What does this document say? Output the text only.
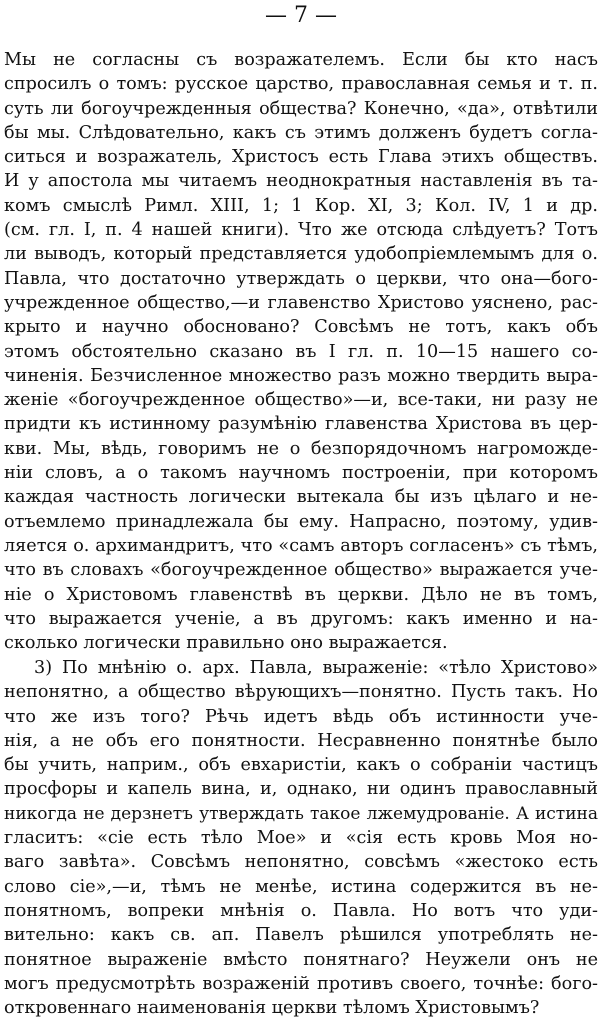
— 7 —
Мы не согласны съ возражателемъ. Если бы кто насъ
спросилъ о томъ: русское царство, православная семья и т. п.
суть ли богоучрежденныя общества? Конечно, «да», отвѣтили
бы мы. Слѣдовательно, какъ съ этимъ долженъ будетъ согла-
ситься и возражатель, Христосъ есть Глава этихъ обществъ.
И у апостола мы читаемъ неоднократныя наставленія въ та-
комъ смыслѣ Римл. XIII, 1; 1 Кор. XI, 3; Кол. IV, 1 и др.
(см. гл. I, п. 4 нашей книги). Что же отсюда слѣдуетъ? Тотъ
ли выводъ, который представляется удобопріемлемымъ для о.
Павла, что достаточно утверждать о церкви, что она—бого-
учрежденное общество,—и главенство Христово уяснено, рас-
крыто и научно обосновано? Совсѣмъ не тотъ, какъ объ
этомъ обстоятельно сказано въ I гл. п. 10—15 нашего со-
чиненія. Безчисленное множество разъ можно твердить выра-
женіе «богоучрежденное общество»—и, все-таки, ни разу не
придти къ истинному разумѣнію главенства Христова въ цер-
кви. Мы, вѣдь, говоримъ не о безпорядочномъ нагроможде-
ніи словъ, а о такомъ научномъ построеніи, при которомъ
каждая частность логически вытекала бы изъ цѣлаго и не-
отъемлемо принадлежала бы ему. Напрасно, поэтому, удив-
ляется о. архимандритъ, что «самъ авторъ согласенъ» съ тѣмъ,
что въ словахъ «богоучрежденное общество» выражается уче-
ніе о Христовомъ главенствѣ въ церкви. Дѣло не въ томъ,
что выражается ученіе, а въ другомъ: какъ именно и на-
сколько логически правильно оно выражается.
3) По мнѣнію о. арх. Павла, выраженіе: «тѣло Христово»
непонятно, а общество вѣрующихъ—понятно. Пусть такъ. Но
что же изъ того? Рѣчь идетъ вѣдь объ истинности уче-
нія, а не объ его понятности. Несравненно понятнѣе было
бы учить, наприм., объ евхаристіи, какъ о собраніи частицъ
просфоры и капель вина, и, однако, ни одинъ православный
никогда не дерзнетъ утверждать такое лжемудрованіе. А истина
гласитъ: «сіе есть тѣло Мое» и «сія есть кровь Моя но-
ваго завѣта». Совсѣмъ непонятно, совсѣмъ «жестоко есть
слово сіе»,—и, тѣмъ не менѣе, истина содержится въ не-
понятномъ, вопреки мнѣнія о. Павла. Но вотъ что уди-
вительно: какъ св. ап. Павелъ рѣшился употреблять не-
понятное выраженіе вмѣсто понятнаго? Неужели онъ не
могъ предусмотрѣть возраженій противъ своего, точнѣе: бого-
откровеннаго наименованія церкви тѣломъ Христовымъ?
